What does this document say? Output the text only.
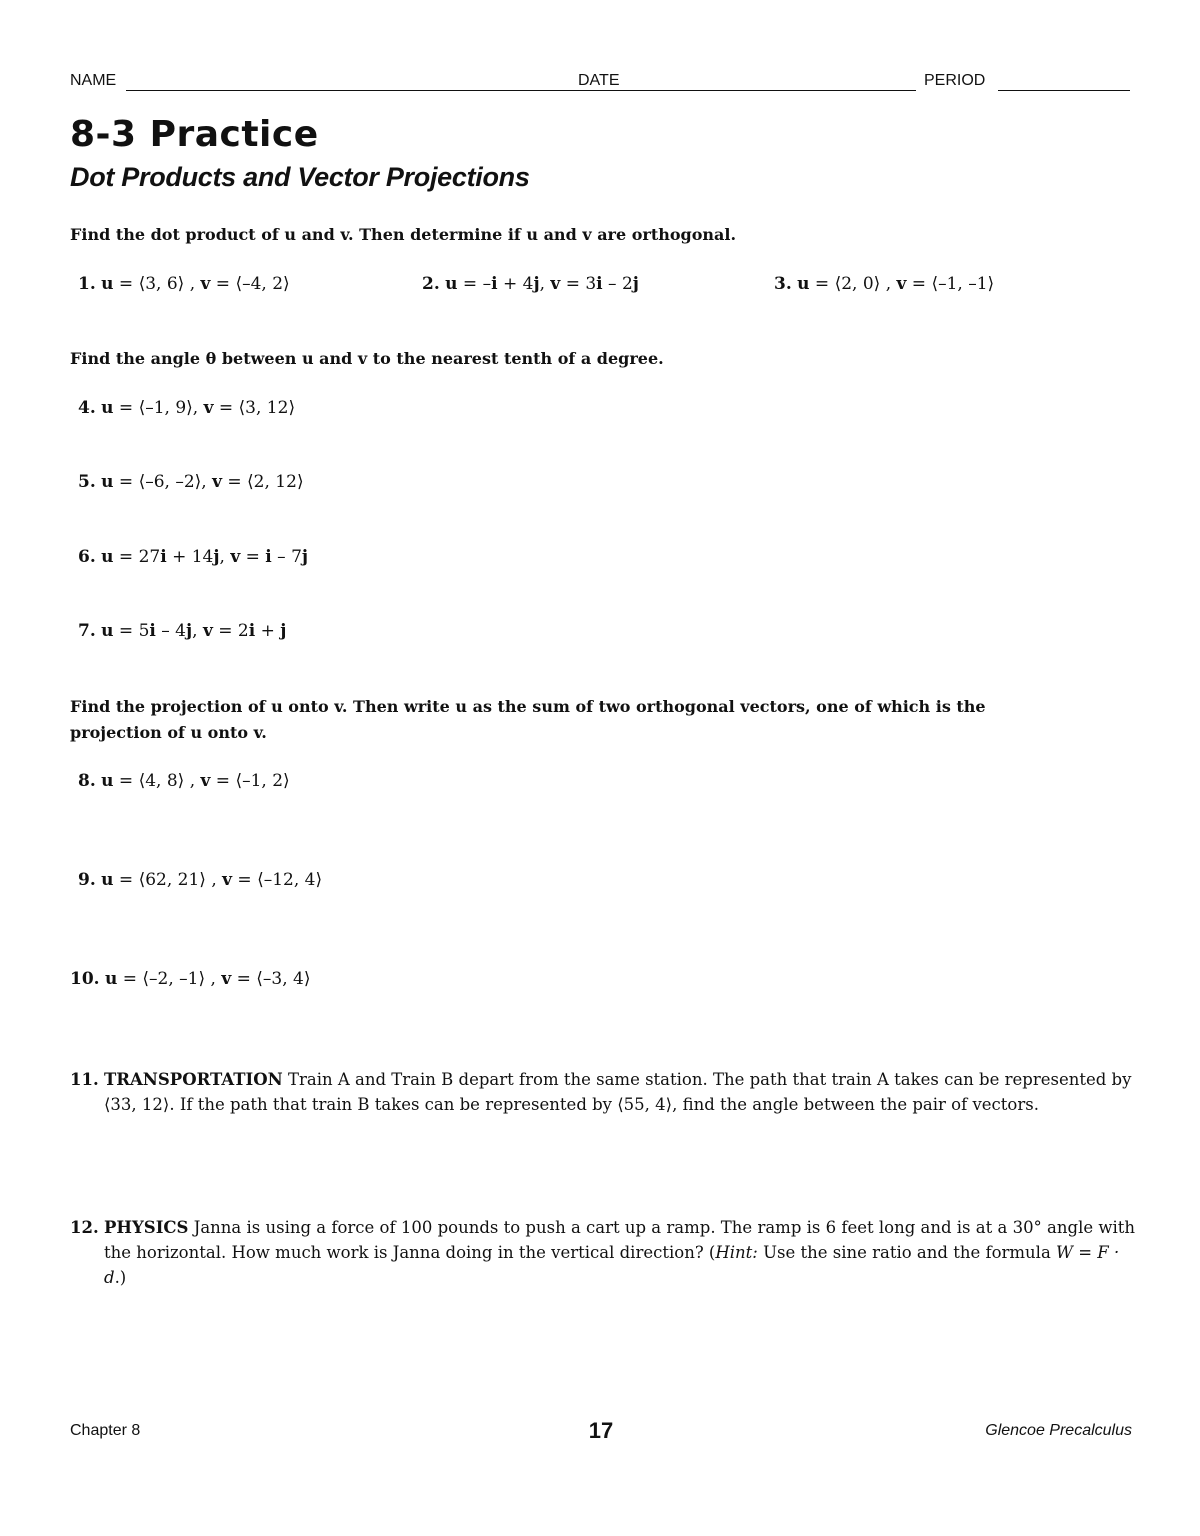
NAME	DATE	PERIOD
8-3 Practice
Dot Products and Vector Projections

Find the dot product of u and v. Then determine if u and v are orthogonal.

1. u = ⟨3, 6⟩ , v = ⟨–4, 2⟩	2. u = –i + 4j, v = 3i – 2j	3. u = ⟨2, 0⟩ , v = ⟨–1, –1⟩

Find the angle θ between u and v to the nearest tenth of a degree.

4. u = ⟨–1, 9⟩, v = ⟨3, 12⟩
5. u = ⟨–6, –2⟩, v = ⟨2, 12⟩
6. u = 27i + 14j, v = i – 7j
7. u = 5i – 4j, v = 2i + j

Find the projection of u onto v. Then write u as the sum of two orthogonal vectors, one of which is the projection of u onto v.

8. u = ⟨4, 8⟩ , v = ⟨–1, 2⟩
9. u = ⟨62, 21⟩ , v = ⟨–12, 4⟩
10. u = ⟨–2, –1⟩ , v = ⟨–3, 4⟩
11. TRANSPORTATION Train A and Train B depart from the same station. The path that train A takes can be represented by ⟨33, 12⟩. If the path that train B takes can be represented by ⟨55, 4⟩, find the angle between the pair of vectors.
12. PHYSICS Janna is using a force of 100 pounds to push a cart up a ramp. The ramp is 6 feet long and is at a 30° angle with the horizontal. How much work is Janna doing in the vertical direction? (Hint: Use the sine ratio and the formula W = F · d.)
Chapter 8	17	Glencoe Precalculus
